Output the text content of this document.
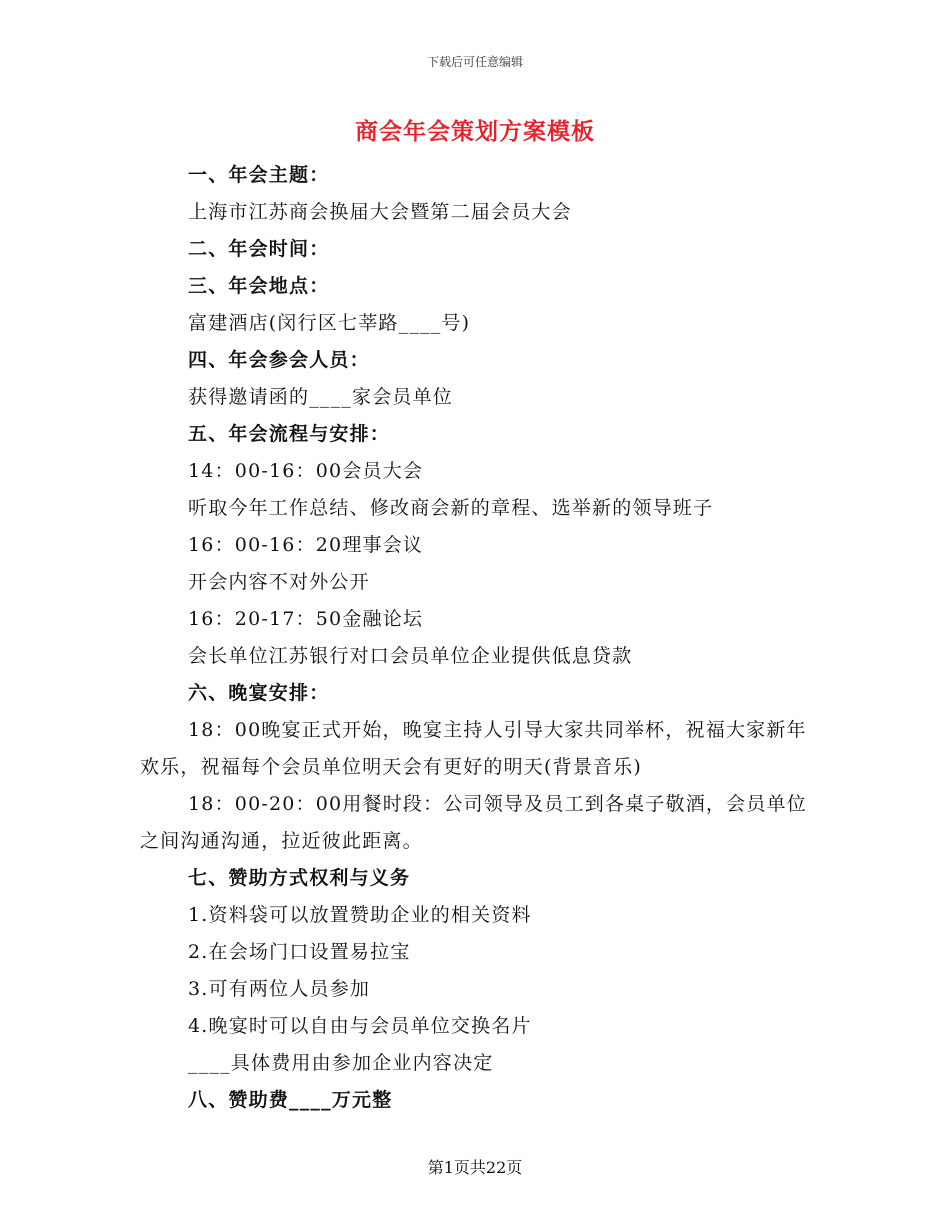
下载后可任意编辑
商会年会策划方案模板
一、年会主题：
上海市江苏商会换届大会暨第二届会员大会
二、年会时间：
三、年会地点：
富建酒店(闵行区七莘路____号)
四、年会参会人员：
获得邀请函的____家会员单位
五、年会流程与安排：
14：00-16：00会员大会
听取今年工作总结、修改商会新的章程、选举新的领导班子
16：00-16：20理事会议
开会内容不对外公开
16：20-17：50金融论坛
会长单位江苏银行对口会员单位企业提供低息贷款
六、晚宴安排：

18：00晚宴正式开始，晚宴主持人引导大家共同举杯，祝福大家新年欢乐，祝福每个会员单位明天会有更好的明天(背景音乐)

18：00-20：00用餐时段：公司领导及员工到各桌子敬酒，会员单位之间沟通沟通，拉近彼此距离。

七、赞助方式权利与义务
1.资料袋可以放置赞助企业的相关资料
2.在会场门口设置易拉宝
3.可有两位人员参加
4.晚宴时可以自由与会员单位交换名片
____具体费用由参加企业内容决定
八、赞助费____万元整
第1页共22页
